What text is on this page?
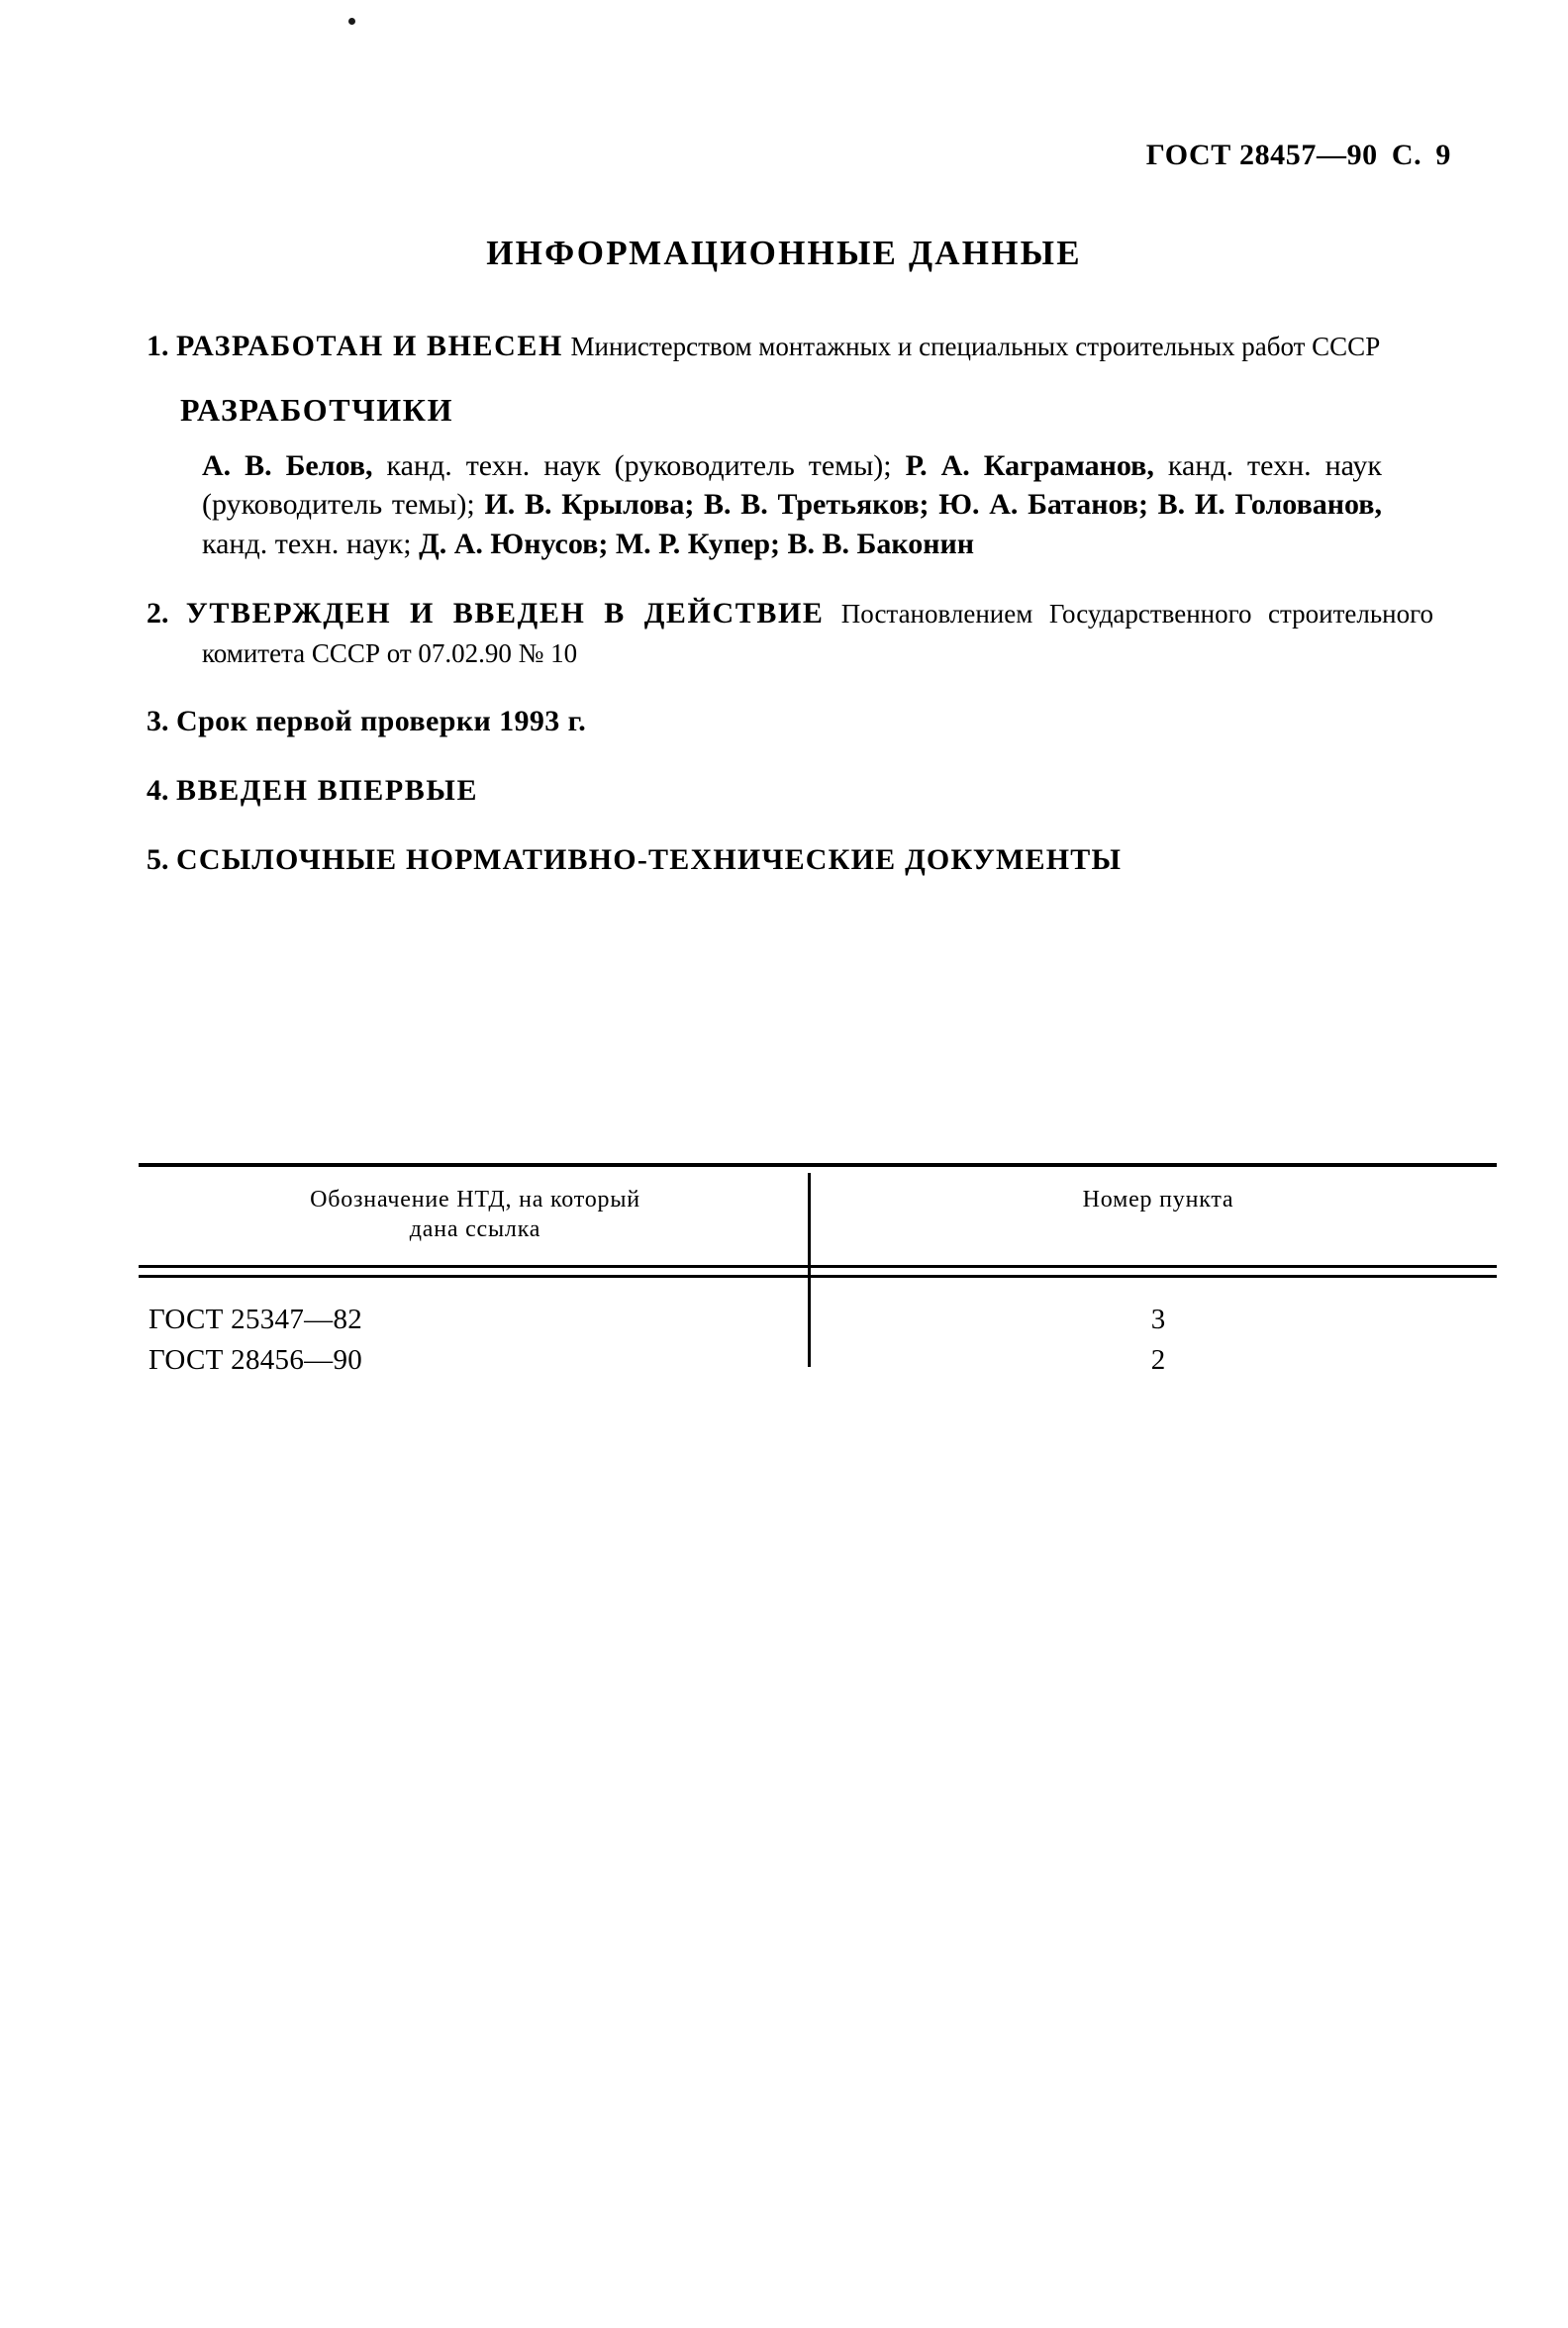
ГОСТ 28457—90 С. 9
ИНФОРМАЦИОННЫЕ ДАННЫЕ
1. РАЗРАБОТАН И ВНЕСЕН Министерством монтажных и специальных строительных работ СССР
РАЗРАБОТЧИКИ
А. В. Белов, канд. техн. наук (руководитель темы); Р. А. Каграманов, канд. техн. наук (руководитель темы); И. В. Крылова; В. В. Третьяков; Ю. А. Батанов; В. И. Голованов, канд. техн. наук; Д. А. Юнусов; М. Р. Купер; В. В. Баконин
2. УТВЕРЖДЕН И ВВЕДЕН В ДЕЙСТВИЕ Постановлением Государственного строительного комитета СССР от 07.02.90 № 10
3. Срок первой проверки 1993 г.
4. ВВЕДЕН ВПЕРВЫЕ
5. ССЫЛОЧНЫЕ НОРМАТИВНО-ТЕХНИЧЕСКИЕ ДОКУМЕНТЫ
Обозначение НТД, на который
дана ссылка
Номер пункта
ГОСТ 25347—82
ГОСТ 28456—90
3
2
